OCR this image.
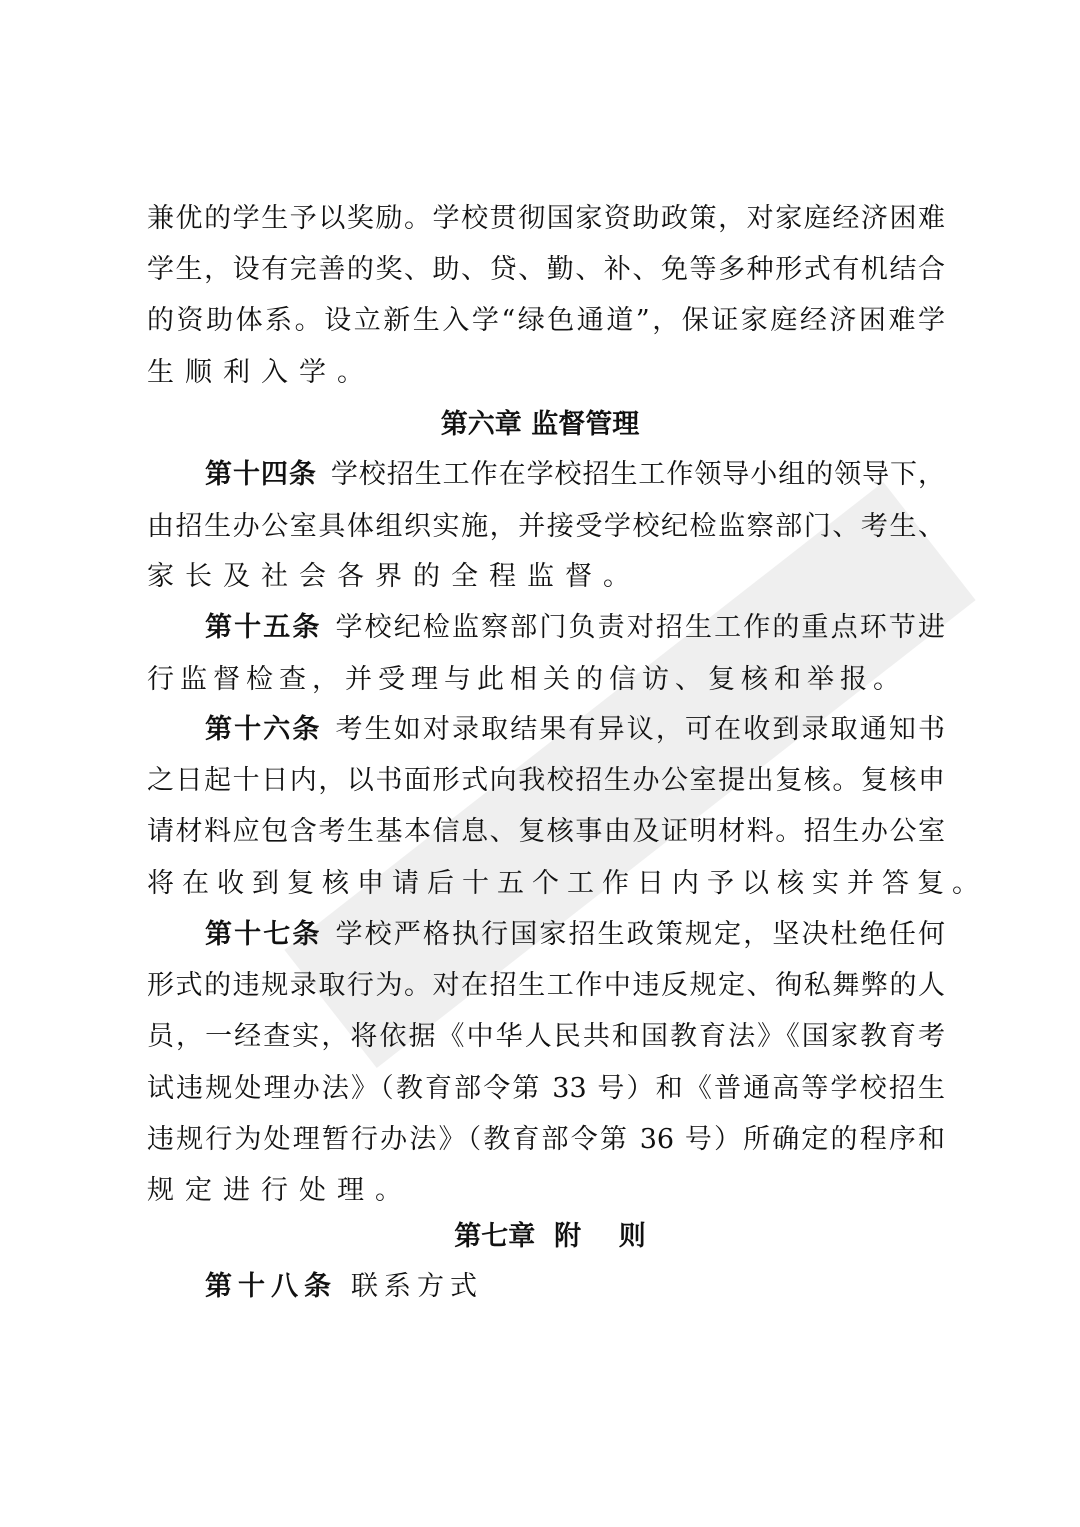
兼优的学生予以奖励。学校贯彻国家资助政策，对家庭经济困难
学生，设有完善的奖、助、贷、勤、补、免等多种形式有机结合
的资助体系。设立新生入学“绿色通道”，保证家庭经济困难学
生顺利入学。
第六章 监督管理
第十四条 学校招生工作在学校招生工作领导小组的领导下，
由招生办公室具体组织实施，并接受学校纪检监察部门、考生、
家长及社会各界的全程监督。
第十五条 学校纪检监察部门负责对招生工作的重点环节进
行监督检查，并受理与此相关的信访、复核和举报。
第十六条 考生如对录取结果有异议，可在收到录取通知书
之日起十日内，以书面形式向我校招生办公室提出复核。复核申
请材料应包含考生基本信息、复核事由及证明材料。招生办公室
将在收到复核申请后十五个工作日内予以核实并答复。
第十七条 学校严格执行国家招生政策规定，坚决杜绝任何
形式的违规录取行为。对在招生工作中违反规定、徇私舞弊的人
员，一经查实，将依据《中华人民共和国教育法》《国家教育考
试违规处理办法》（教育部令第 33 号）和《普通高等学校招生
违规行为处理暂行办法》（教育部令第 36 号）所确定的程序和
规定进行处理。
第七章  附    则
第十八条 联系方式
